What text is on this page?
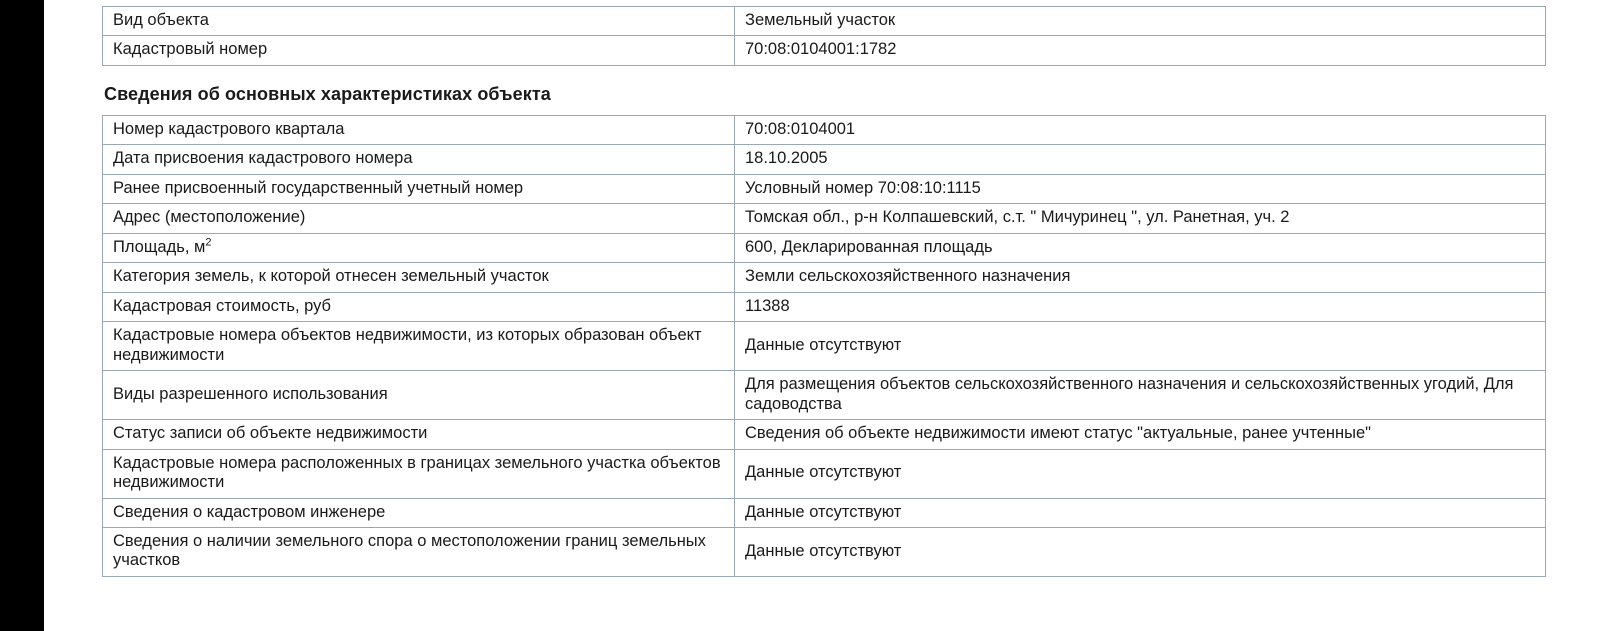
Вид объекта	Земельный участок
Кадастровый номер	70:08:0104001:1782
Сведения об основных характеристиках объекта
Номер кадастрового квартала	70:08:0104001
Дата присвоения кадастрового номера	18.10.2005
Ранее присвоенный государственный учетный номер	Условный номер 70:08:10:1115
Адрес (местоположение)	Томская обл., р-н Колпашевский, с.т. " Мичуринец ", ул. Ранетная, уч. 2
Площадь, $м^2$	600, Декларированная площадь
Категория земель, к которой отнесен земельный участок	Земли сельскохозяйственного назначения
Кадастровая стоимость, руб	11388
Кадастровые номера объектов недвижимости, из которых образован объект недвижимости	Данные отсутствуют
Виды разрешенного использования	Для размещения объектов сельскохозяйственного назначения и сельскохозяйственных угодий, Для садоводства
Статус записи об объекте недвижимости	Сведения об объекте недвижимости имеют статус "актуальные, ранее учтенные"
Кадастровые номера расположенных в границах земельного участка объектов недвижимости	Данные отсутствуют
Сведения о кадастровом инженере	Данные отсутствуют
Сведения о наличии земельного спора о местоположении границ земельных участков	Данные отсутствуют
